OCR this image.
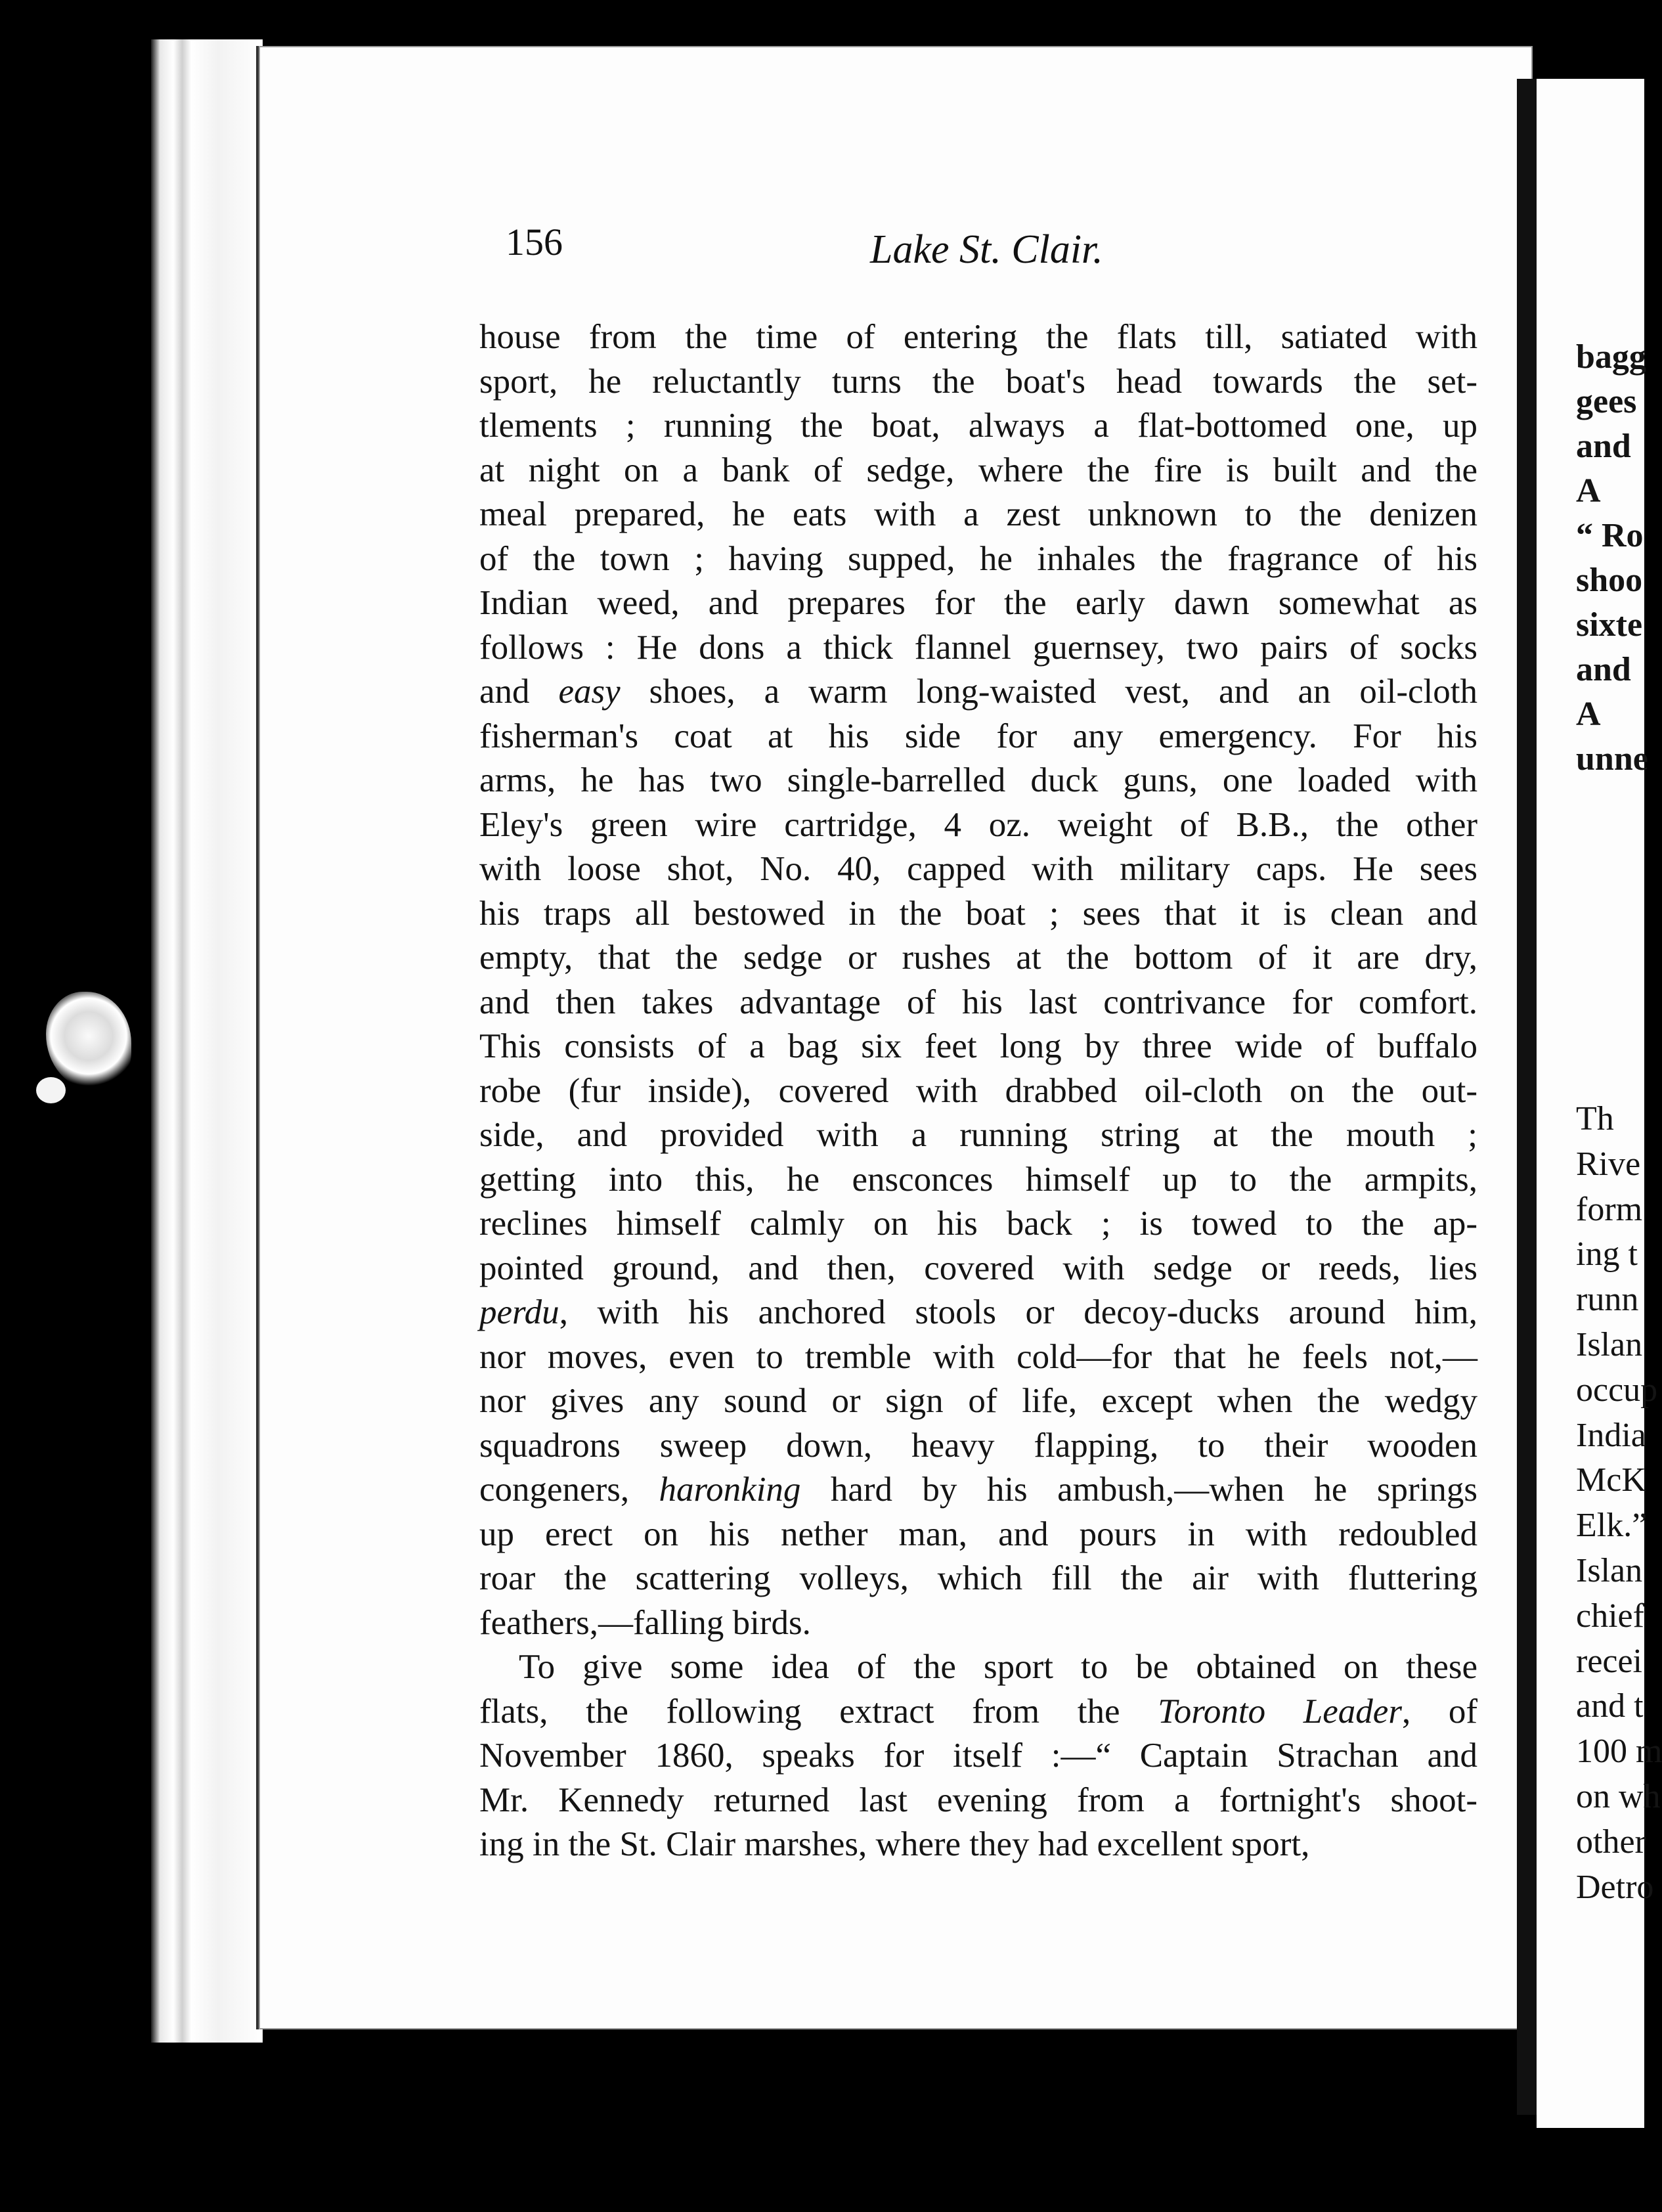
156	Lake St. Clair.
house from the time of entering the flats till, satiated with
sport, he reluctantly turns the boat's head towards the set-
tlements ; running the boat, always a flat-bottomed one, up
at night on a bank of sedge, where the fire is built and the
meal prepared, he eats with a zest unknown to the denizen
of the town ; having supped, he inhales the fragrance of his
Indian weed, and prepares for the early dawn somewhat as
follows : He dons a thick flannel guernsey, two pairs of socks
and easy shoes, a warm long-waisted vest, and an oil-cloth
fisherman's coat at his side for any emergency. For his
arms, he has two single-barrelled duck guns, one loaded with
Eley's green wire cartridge, 4 oz. weight of B.B., the other
with loose shot, No. 40, capped with military caps. He sees
his traps all bestowed in the boat ; sees that it is clean and
empty, that the sedge or rushes at the bottom of it are dry,
and then takes advantage of his last contrivance for comfort.
This consists of a bag six feet long by three wide of buffalo
robe (fur inside), covered with drabbed oil-cloth on the out-
side, and provided with a running string at the mouth ;
getting into this, he ensconces himself up to the armpits,
reclines himself calmly on his back ; is towed to the ap-
pointed ground, and then, covered with sedge or reeds, lies
perdu, with his anchored stools or decoy-ducks around him,
nor moves, even to tremble with cold—for that he feels not,—
nor gives any sound or sign of life, except when the wedgy
squadrons sweep down, heavy flapping, to their wooden
congeners, haronking hard by his ambush,—when he springs
up erect on his nether man, and pours in with redoubled
roar the scattering volleys, which fill the air with fluttering
feathers,—falling birds.
To give some idea of the sport to be obtained on these
flats, the following extract from the Toronto Leader, of
November 1860, speaks for itself :—“ Captain Strachan and
Mr. Kennedy returned last evening from a fortnight's shoot-
ing in the St. Clair marshes, where they had excellent sport,
bagg
gees
and
A
“ Ro
shoo
sixte
and
A
unne
Th
Rive
form
ing t
runn
Islan
occup
India
McK
Elk.”
Islan
chief
recei
and t
100 m
on wh
other
Detro
